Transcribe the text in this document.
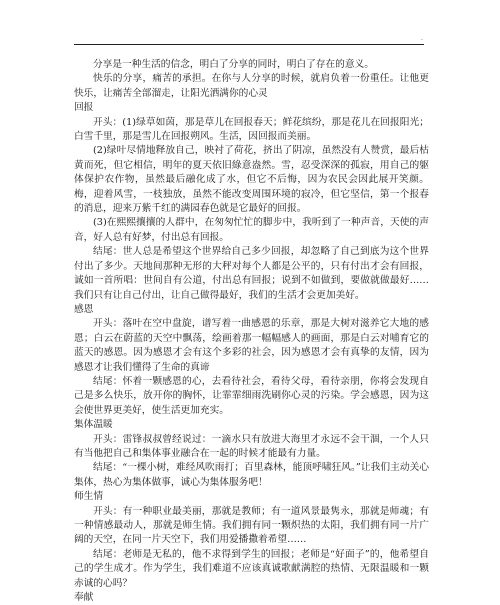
.

分享是一种生活的信念，明白了分享的同时，明白了存在的意义。

快乐的分享，痛苦的承担。在你与人分享的时候，就肩负着一份重任。让他更快乐，让痛苦全部溜走，让阳光洒满你的心灵

回报

开头：(1)绿草如茵，那是草儿在回报春天；鲜花缤纷，那是花儿在回报阳光；白雪千里，那是雪儿在回报朔风。生活，因回报而美丽。

(2)绿叶尽情地释放自己，映衬了荷花，挤出了阴凉，虽然没有人赞赏，最后枯黄而死，但它相信，明年的夏天依旧綠意盎然。雪，忍受深深的孤寂，用自己的躯体保护农作物，虽然最后融化成了水，但它不后悔，因为农民会因此展开笑颜。梅，迎着风雪，一枝独放，虽然不能改变周围环境的寂冷，但它坚信，第一个报春的消息，迎来万紫千红的满园春色就是它最好的回报。

(3)在熙熙攘攘的人群中，在匆匆忙忙的脚步中，我听到了一种声音，天使的声音，好人总有好梦，付出总有回报。

结尾：世人总是希望这个世界给自己多少回报，却忽略了自己到底为这个世界付出了多少。天地间那种无形的大秤对每个人都是公平的，只有付出才会有回报，诚如一首所唱：世间自有公道，付出总有回报；说到不如做到，要做就做最好……我们只有让自己付出，让自己做得最好，我们的生活才会更加美好。

感恩

开头：落叶在空中盘旋，谱写着一曲感恩的乐章，那是大树对滋养它大地的感恩；白云在蔚蓝的天空中飘荡，绘画着那一幅幅感人的画面，那是白云对哺育它的蓝天的感恩。因为感恩才会有这个多彩的社会，因为感恩才会有真挚的友情，因为感恩才让我们懂得了生命的真谛

结尾：怀着一颗感恩的心，去看待社会，看待父母，看待亲朋，你将会发现自己是多么快乐，放开你的胸怀，让霏霏细雨洗刷你心灵的污染。学会感恩，因为这会使世界更美好，使生活更加充实。

集体温暖

开头：雷锋叔叔曾经说过：一滴水只有放进大海里才永远不会干涸，一个人只有当他把自己和集体事业融合在一起的时候才能最有力量。

结尾：“一棵小树，难经风吹雨打；百里森林，能顶呼啸狂风。”让我们主动关心集体，热心为集体做事，诚心为集体服务吧！

师生情

开头：有一种职业最美丽，那就是教师；有一道风景最隽永，那就是师魂；有一种情感最动人，那就是师生情。我们拥有同一颗炽热的太阳，我们拥有同一片广阔的天空，在同一片天空下，我们用爱播撒着希望……

结尾：老师是无私的，他不求得到学生的回报；老师是“好面子”的，他希望自己的学生成才。作为学生，我们难道不应该真诚歌献满腔的热情、无限温暖和一颗赤诚的心吗？

奉献
